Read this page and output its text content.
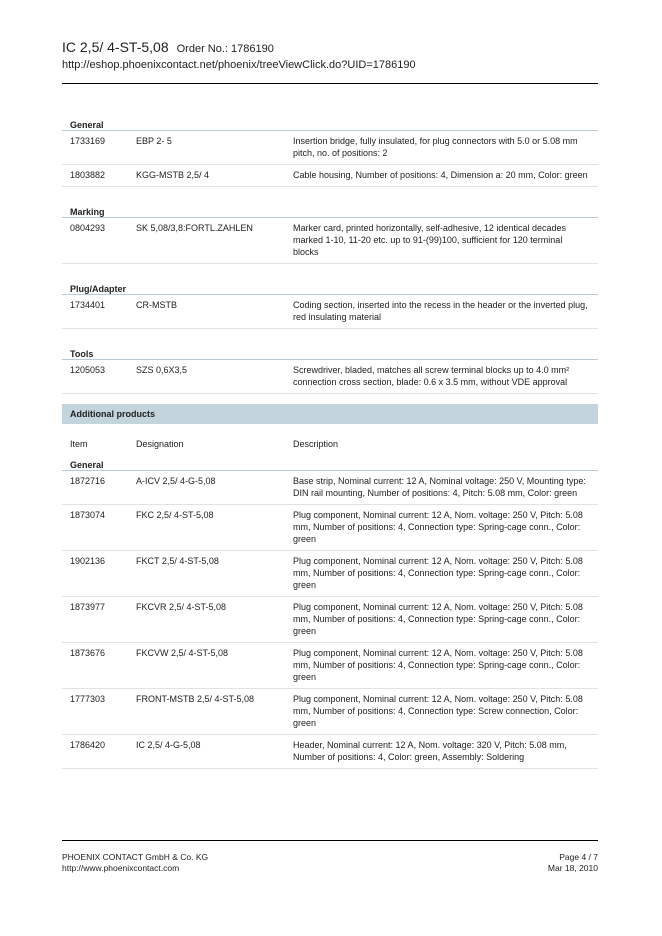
IC 2,5/ 4-ST-5,08 Order No.: 1786190
http://eshop.phoenixcontact.net/phoenix/treeViewClick.do?UID=1786190
General
1733169	EBP 2- 5	Insertion bridge, fully insulated, for plug connectors with 5.0 or 5.08 mm pitch, no. of positions: 2
1803882	KGG-MSTB 2,5/ 4	Cable housing, Number of positions: 4, Dimension a: 20 mm, Color: green
Marking
0804293	SK 5,08/3,8:FORTL.ZAHLEN	Marker card, printed horizontally, self-adhesive, 12 identical decades marked 1-10, 11-20 etc. up to 91-(99)100, sufficient for 120 terminal blocks
Plug/Adapter
1734401	CR-MSTB	Coding section, inserted into the recess in the header or the inverted plug, red insulating material
Tools
1205053	SZS 0,6X3,5	Screwdriver, bladed, matches all screw terminal blocks up to 4.0 mm² connection cross section, blade: 0.6 x 3.5 mm, without VDE approval
Additional products
Item	Designation	Description
General
1872716	A-ICV 2,5/ 4-G-5,08	Base strip, Nominal current: 12 A, Nominal voltage: 250 V, Mounting type: DIN rail mounting, Number of positions: 4, Pitch: 5.08 mm, Color: green
1873074	FKC 2,5/ 4-ST-5,08	Plug component, Nominal current: 12 A, Nom. voltage: 250 V, Pitch: 5.08 mm, Number of positions: 4, Connection type: Spring-cage conn., Color: green
1902136	FKCT 2,5/ 4-ST-5,08	Plug component, Nominal current: 12 A, Nom. voltage: 250 V, Pitch: 5.08 mm, Number of positions: 4, Connection type: Spring-cage conn., Color: green
1873977	FKCVR 2,5/ 4-ST-5,08	Plug component, Nominal current: 12 A, Nom. voltage: 250 V, Pitch: 5.08 mm, Number of positions: 4, Connection type: Spring-cage conn., Color: green
1873676	FKCVW 2,5/ 4-ST-5,08	Plug component, Nominal current: 12 A, Nom. voltage: 250 V, Pitch: 5.08 mm, Number of positions: 4, Connection type: Spring-cage conn., Color: green
1777303	FRONT-MSTB 2,5/ 4-ST-5,08	Plug component, Nominal current: 12 A, Nom. voltage: 250 V, Pitch: 5.08 mm, Number of positions: 4, Connection type: Screw connection, Color: green
1786420	IC 2,5/ 4-G-5,08	Header, Nominal current: 12 A, Nom. voltage: 320 V, Pitch: 5.08 mm, Number of positions: 4, Color: green, Assembly: Soldering
PHOENIX CONTACT GmbH & Co. KG
http://www.phoenixcontact.com
Page 4 / 7
Mar 18, 2010
